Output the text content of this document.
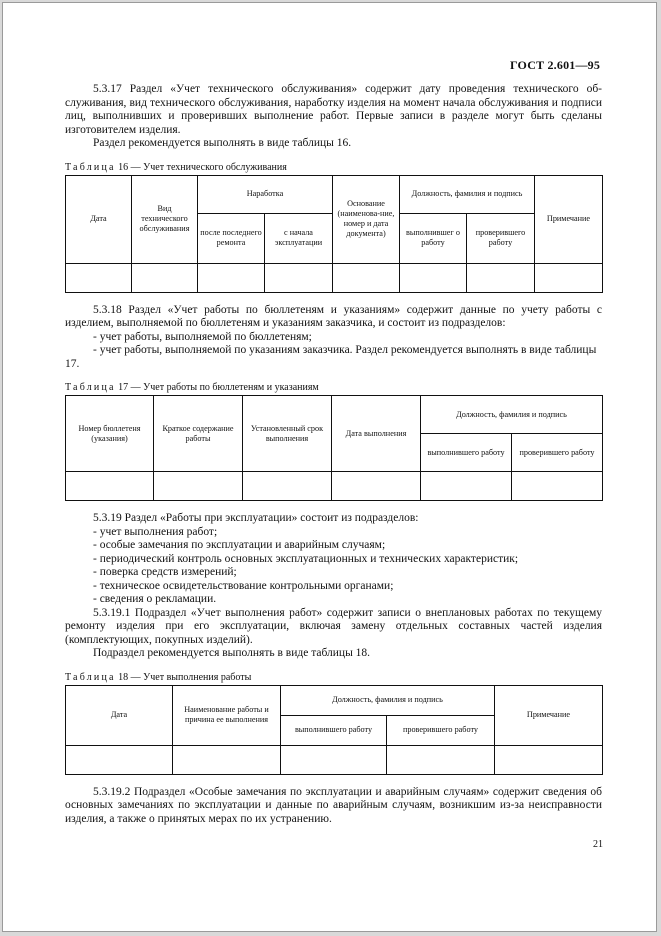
ГОСТ 2.601—95

5.3.17 Раздел «Учет технического обслуживания» содержит дату проведения технического об-служивания, вид технического обслуживания, наработку изделия на момент начала обслуживания и подписи лиц, выполнивших и проверивших выполнение работ. Первые записи в разделе могут быть сделаны изготовителем изделия.

Раздел рекомендуется выполнять в виде таблицы 16.

Таблица 16 — Учет технического обслуживания
Дата	Вид технического обслуживания	Наработка		Основание (наименова-ние, номер и дата документа)	Должность, фамилия и подпись		Примечание
		после последнего ремонта	с начала эксплуатации		выполнившег о работу	проверившего работу	

5.3.18 Раздел «Учет работы по бюллетеням и указаниям» содержит данные по учету работы с изделием, выполняемой по бюллетеням и указаниям заказчика, и состоит из подразделов:

- учет работы, выполняемой по бюллетеням;
- учет работы, выполняемой по указаниям заказчика. Раздел рекомендуется выполнять в виде таблицы 17.
Таблица 17 — Учет работы по бюллетеням и указаниям
Номер бюллетеня (указания)	Краткое содержание работы	Установленный срок выполнения	Дата выполнения	Должность, фамилия и подпись	
				выполнившего работу	проверившего работу

5.3.19 Раздел «Работы при эксплуатации» состоит из подразделов:

- учет выполнения работ;
- особые замечания по эксплуатации и аварийным случаям;
- периодический контроль основных эксплуатационных и технических характеристик;
- поверка средств измерений;
- техническое освидетельствование контрольными органами;
- сведения о рекламации.

5.3.19.1 Подраздел «Учет выполнения работ» содержит записи о внеплановых работах по текущему ремонту изделия при его эксплуатации, включая замену отдельных составных частей изделия (комплектующих, покупных изделий).

Подраздел рекомендуется выполнять в виде таблицы 18.

Таблица 18 — Учет выполнения работы
Дата	Наименование работы и причина ее выполнения	Должность, фамилия и подпись		Примечание
		выполнившего работу	проверившего работу	

5.3.19.2 Подраздел «Особые замечания по эксплуатации и аварийным случаям» содержит сведения об основных замечаниях по эксплуатации и данные по аварийным случаям, возникшим из-за неисправности изделия, а также о принятых мерах по их устранению.

21
